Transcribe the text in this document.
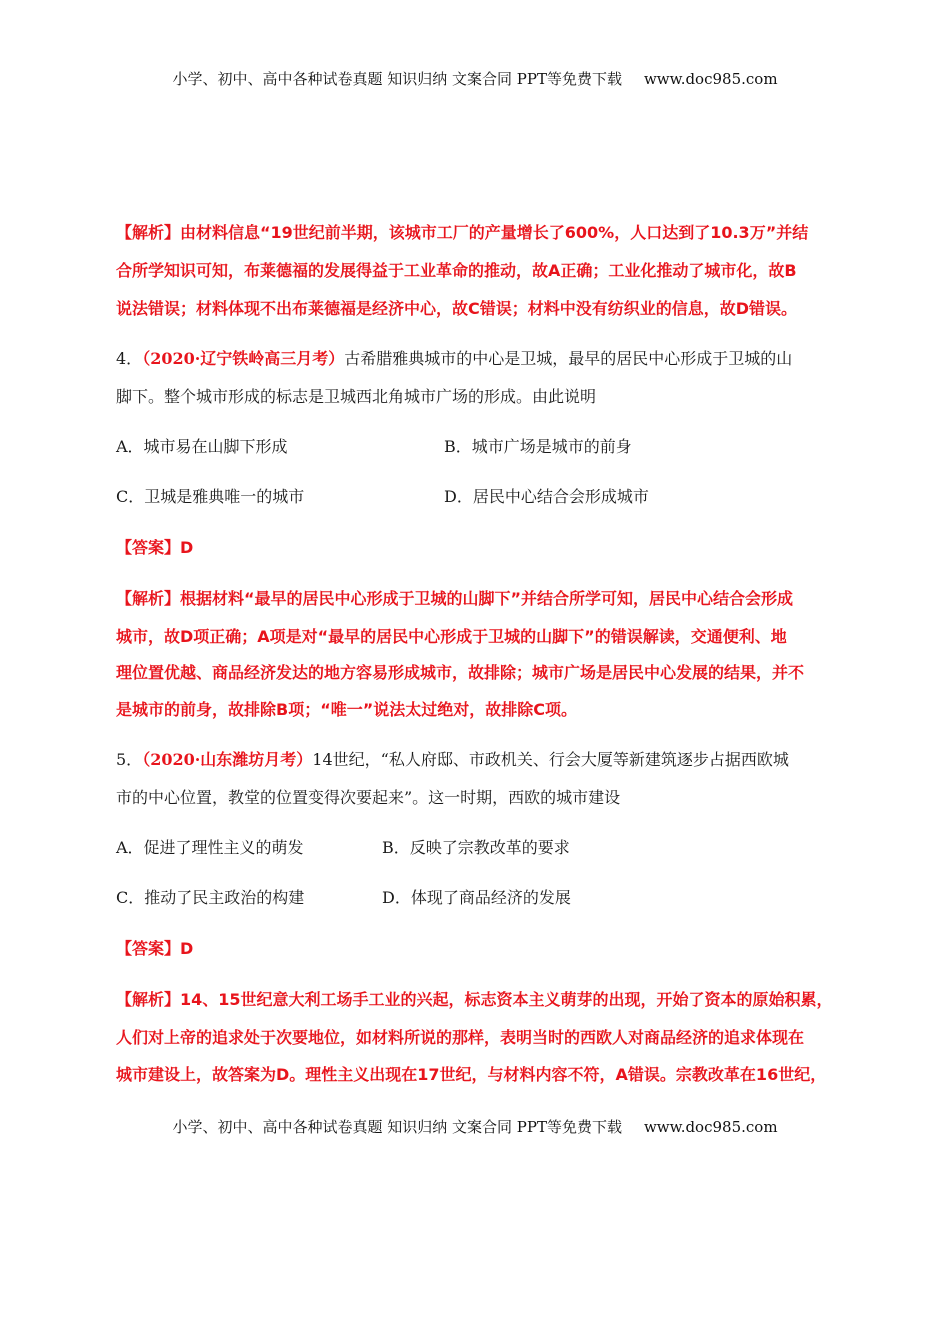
小学、初中、高中各种试卷真题 知识归纳 文案合同 PPT等免费下载 www.doc985.com
【解析】由材料信息“19世纪前半期，该城市工厂的产量增长了600%，人口达到了10.3万”并结
合所学知识可知，布莱德福的发展得益于工业革命的推动，故A正确；工业化推动了城市化，故B
说法错误；材料体现不出布莱德福是经济中心，故C错误；材料中没有纺织业的信息，故D错误。
4．（2020·辽宁铁岭高三月考）古希腊雅典城市的中心是卫城，最早的居民中心形成于卫城的山
脚下。整个城市形成的标志是卫城西北角城市广场的形成。由此说明
A．城市易在山脚下形成	B．城市广场是城市的前身
C．卫城是雅典唯一的城市	D．居民中心结合会形成城市
【答案】D
【解析】根据材料“最早的居民中心形成于卫城的山脚下”并结合所学可知，居民中心结合会形成
城市，故D项正确；A项是对“最早的居民中心形成于卫城的山脚下”的错误解读，交通便利、地
理位置优越、商品经济发达的地方容易形成城市，故排除；城市广场是居民中心发展的结果，并不
是城市的前身，故排除B项；“唯一”说法太过绝对，故排除C项。
5．（2020·山东潍坊月考）14世纪，“私人府邸、市政机关、行会大厦等新建筑逐步占据西欧城
市的中心位置，教堂的位置变得次要起来”。这一时期，西欧的城市建设
A．促进了理性主义的萌发	B．反映了宗教改革的要求
C．推动了民主政治的构建	D．体现了商品经济的发展
【答案】D
【解析】14、15世纪意大利工场手工业的兴起，标志资本主义萌芽的出现，开始了资本的原始积累，
人们对上帝的追求处于次要地位，如材料所说的那样，表明当时的西欧人对商品经济的追求体现在
城市建设上，故答案为D。理性主义出现在17世纪，与材料内容不符，A错误。宗教改革在16世纪，
小学、初中、高中各种试卷真题 知识归纳 文案合同 PPT等免费下载 www.doc985.com
